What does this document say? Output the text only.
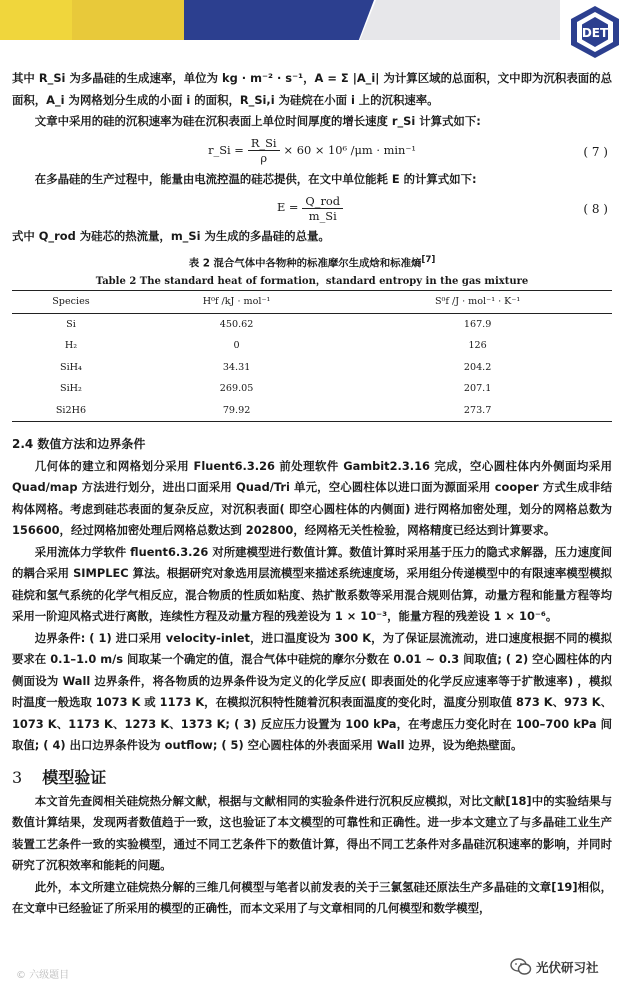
DET

其中 R_Si 为多晶硅的生成速率，单位为 kg · m⁻² · s⁻¹，A = Σ |A_i| 为计算区域的总面积，文中即为沉积表面的总面积，A_i 为网格划分生成的小面 i 的面积，R_Si,i 为硅烷在小面 i 上的沉积速率。

文章中采用的硅的沉积速率为硅在沉积表面上单位时间厚度的增长速度 r_Si 计算式如下:

r_Si = $\frac{R\_Si}{\rho} \times 60 \times 10^6$ /μm · min⁻¹	( 7 )

在多晶硅的生产过程中，能量由电流控温的硅芯提供，在文中单位能耗 E 的计算式如下:

$E = \frac{\text{Q\_rod}}{m\_Si}$	( 8 )

式中 Q_rod 为硅芯的热流量，m_Si 为生成的多晶硅的总量。

表 2 混合气体中各物种的标准摩尔生成焓和标准熵[7]
Table 2 The standard heat of formation，standard entropy in the gas mixture
Species	H⁰f /kJ · mol⁻¹	S⁰f /J · mol⁻¹ · K⁻¹
Si	450.62	167.9
H₂	0	126
SiH₄	34.31	204.2
SiH₂	269.05	207.1
Si2H6	79.92	273.7
2.4 数值方法和边界条件

几何体的建立和网格划分采用 Fluent6.3.26 前处理软件 Gambit2.3.16 完成，空心圆柱体内外侧面均采用 Quad/map 方法进行划分，进出口面采用 Quad/Tri 单元，空心圆柱体以进口面为源面采用 cooper 方式生成非结构体网格。考虑到硅芯表面的复杂反应，对沉积表面( 即空心圆柱体的内侧面) 进行网格加密处理，划分的网格总数为 156600，经过网格加密处理后网格总数达到 202800，经网格无关性检验，网格精度已经达到计算要求。

采用流体力学软件 fluent6.3.26 对所建模型进行数值计算。数值计算时采用基于压力的隐式求解器，压力速度间的耦合采用 SIMPLEC 算法。根据研究对象选用层流模型来描述系统速度场，采用组分传递模型中的有限速率模型模拟硅烷和氢气系统的化学气相反应，混合物质的性质如粘度、热扩散系数等采用混合规则估算，动量方程和能量方程等均采用一阶迎风格式进行离散，连续性方程及动量方程的残差设为 1 × 10⁻³，能量方程的残差设 1 × 10⁻⁶。

边界条件: ( 1) 进口采用 velocity-inlet，进口温度设为 300 K，为了保证层流流动，进口速度根据不同的模拟要求在 0.1–1.0 m/s 间取某一个确定的值，混合气体中硅烷的摩尔分数在 0.01 ~ 0.3 间取值; ( 2) 空心圆柱体的内侧面设为 Wall 边界条件，将各物质的边界条件设为定义的化学反应( 即表面处的化学反应速率等于扩散速率) ，模拟时温度一般选取 1073 K 或 1173 K，在模拟沉积特性随着沉积表面温度的变化时，温度分别取值 873 K、973 K、1073 K、1173 K、1273 K、1373 K; ( 3) 反应压力设置为 100 kPa，在考虑压力变化时在 100–700 kPa 间取值; ( 4) 出口边界条件设为 outflow; ( 5) 空心圆柱体的外表面采用 Wall 边界，设为绝热壁面。

3 模型验证

本文首先查阅相关硅烷热分解文献，根据与文献相同的实验条件进行沉积反应模拟，对比文献[18]中的实验结果与数值计算结果，发现两者数值趋于一致，这也验证了本文模型的可靠性和正确性。进一步本文建立了与多晶硅工业生产装置工艺条件一致的实验模型，通过不同工艺条件下的数值计算，得出不同工艺条件对多晶硅沉积速率的影响，并同时研究了沉积效率和能耗的问题。

此外，本文所建立硅烷热分解的三维几何模型与笔者以前发表的关于三氯氢硅还原法生产多晶硅的文章[19]相似，在文章中已经验证了所采用的模型的正确性，而本文采用了与文章相同的几何模型和数学模型，

© 六级题目
光伏研习社
